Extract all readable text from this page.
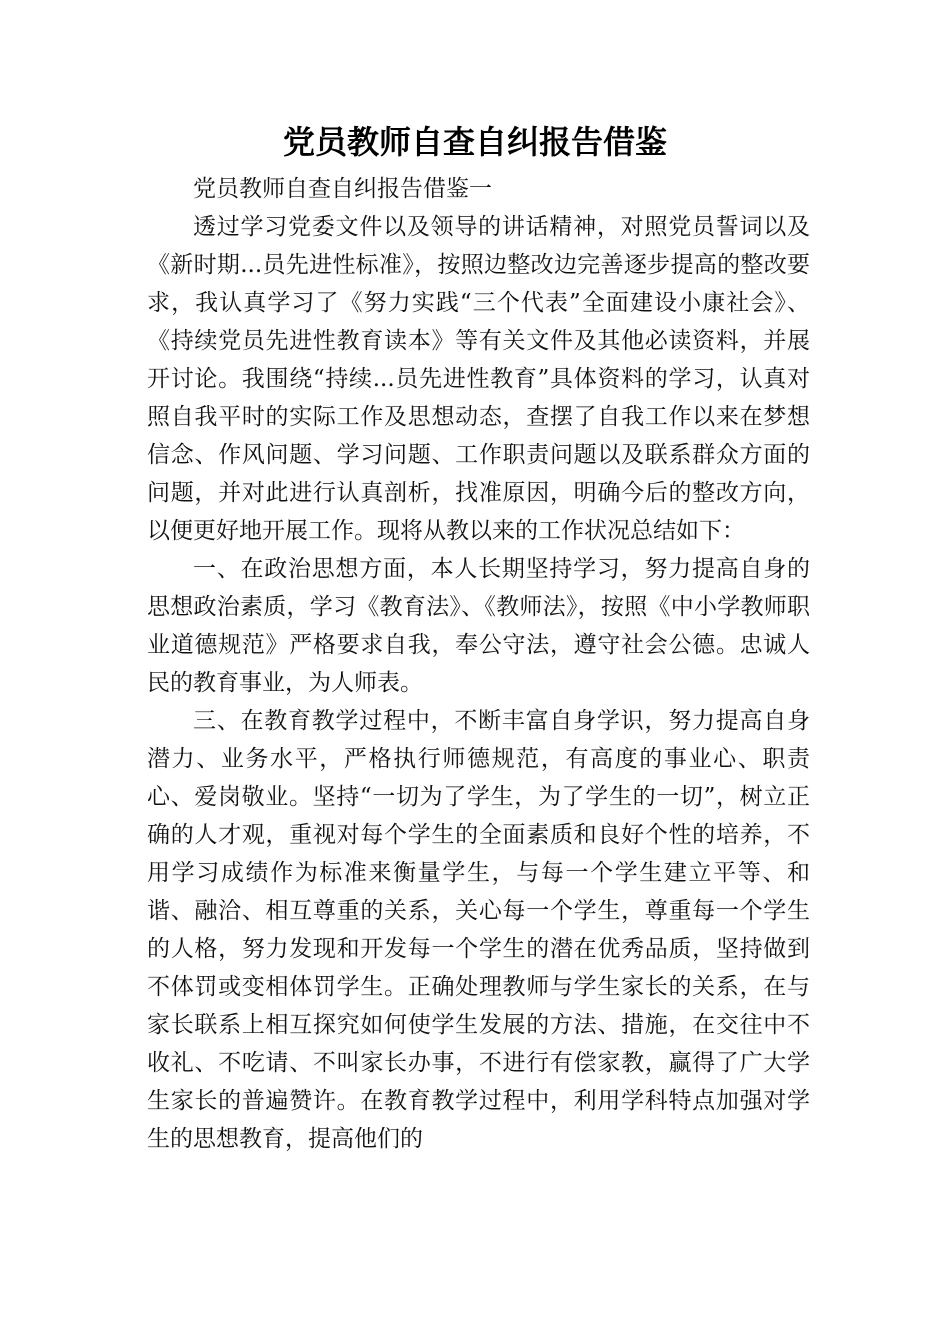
党员教师自查自纠报告借鉴

党员教师自查自纠报告借鉴一

透过学习党委文件以及领导的讲话精神，对照党员誓词以及《新时期...员先进性标准》，按照边整改边完善逐步提高的整改要求，我认真学习了《努力实践“三个代表”全面建设小康社会》、《持续党员先进性教育读本》等有关文件及其他必读资料，并展开讨论。我围绕“持续...员先进性教育”具体资料的学习，认真对照自我平时的实际工作及思想动态，查摆了自我工作以来在梦想信念、作风问题、学习问题、工作职责问题以及联系群众方面的问题，并对此进行认真剖析，找准原因，明确今后的整改方向，以便更好地开展工作。现将从教以来的工作状况总结如下：

一、在政治思想方面，本人长期坚持学习，努力提高自身的思想政治素质，学习《教育法》、《教师法》，按照《中小学教师职业道德规范》严格要求自我，奉公守法，遵守社会公德。忠诚人民的教育事业，为人师表。

三、在教育教学过程中，不断丰富自身学识，努力提高自身潜力、业务水平，严格执行师德规范，有高度的事业心、职责心、爱岗敬业。坚持“一切为了学生，为了学生的一切”，树立正确的人才观，重视对每个学生的全面素质和良好个性的培养，不用学习成绩作为标准来衡量学生，与每一个学生建立平等、和谐、融洽、相互尊重的关系，关心每一个学生，尊重每一个学生的人格，努力发现和开发每一个学生的潜在优秀品质，坚持做到不体罚或变相体罚学生。正确处理教师与学生家长的关系，在与家长联系上相互探究如何使学生发展的方法、措施，在交往中不收礼、不吃请、不叫家长办事，不进行有偿家教，赢得了广大学生家长的普遍赞许。在教育教学过程中，利用学科特点加强对学生的思想教育，提高他们的
